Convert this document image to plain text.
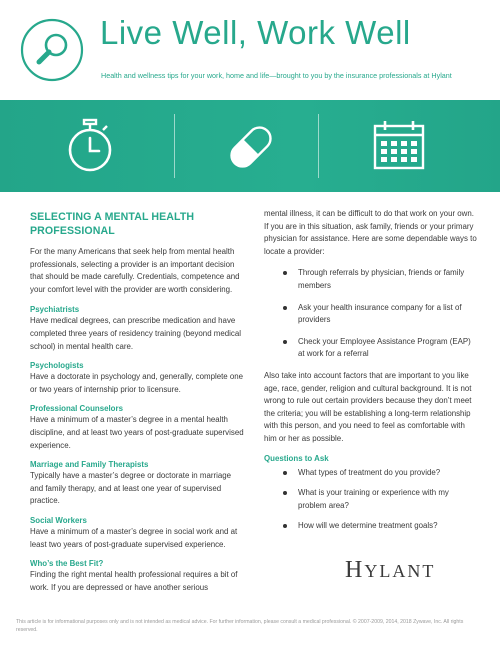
Live Well, Work Well
Health and wellness tips for your work, home and life—brought to you by the insurance professionals at Hylant
SELECTING A MENTAL HEALTH PROFESSIONAL

For the many Americans that seek help from mental health professionals, selecting a provider is an important decision that should be made carefully. Credentials, competence and your comfort level with the provider are worth considering.

Psychiatrists

Have medical degrees, can prescribe medication and have completed three years of residency training (beyond medical school) in mental health care.

Psychologists

Have a doctorate in psychology and, generally, complete one or two years of internship prior to licensure.

Professional Counselors

Have a minimum of a master’s degree in a mental health discipline, and at least two years of post-graduate supervised experience.

Marriage and Family Therapists

Typically have a master’s degree or doctorate in marriage and family therapy, and at least one year of supervised practice.

Social Workers

Have a minimum of a master’s degree in social work and at least two years of post-graduate supervised experience.

Who’s the Best Fit?

Finding the right mental health professional requires a bit of work. If you are depressed or have another serious

mental illness, it can be difficult to do that work on your own. If you are in this situation, ask family, friends or your primary physician for assistance. Here are some dependable ways to locate a provider:

Through referrals by physician, friends or family members
Ask your health insurance company for a list of providers
Check your Employee Assistance Program (EAP) at work for a referral

Also take into account factors that are important to you like age, race, gender, religion and cultural background. It is not wrong to rule out certain providers because they don’t meet the criteria; you will be establishing a long-term relationship with this person, and you need to feel as comfortable with him or her as possible.

Questions to Ask
What types of treatment do you provide?
What is your training or experience with my problem area?
How will we determine treatment goals?
HYLANT
This article is for informational purposes only and is not intended as medical advice. For further information, please consult a medical professional. © 2007-2009, 2014, 2018 Zywave, Inc. All rights reserved.
